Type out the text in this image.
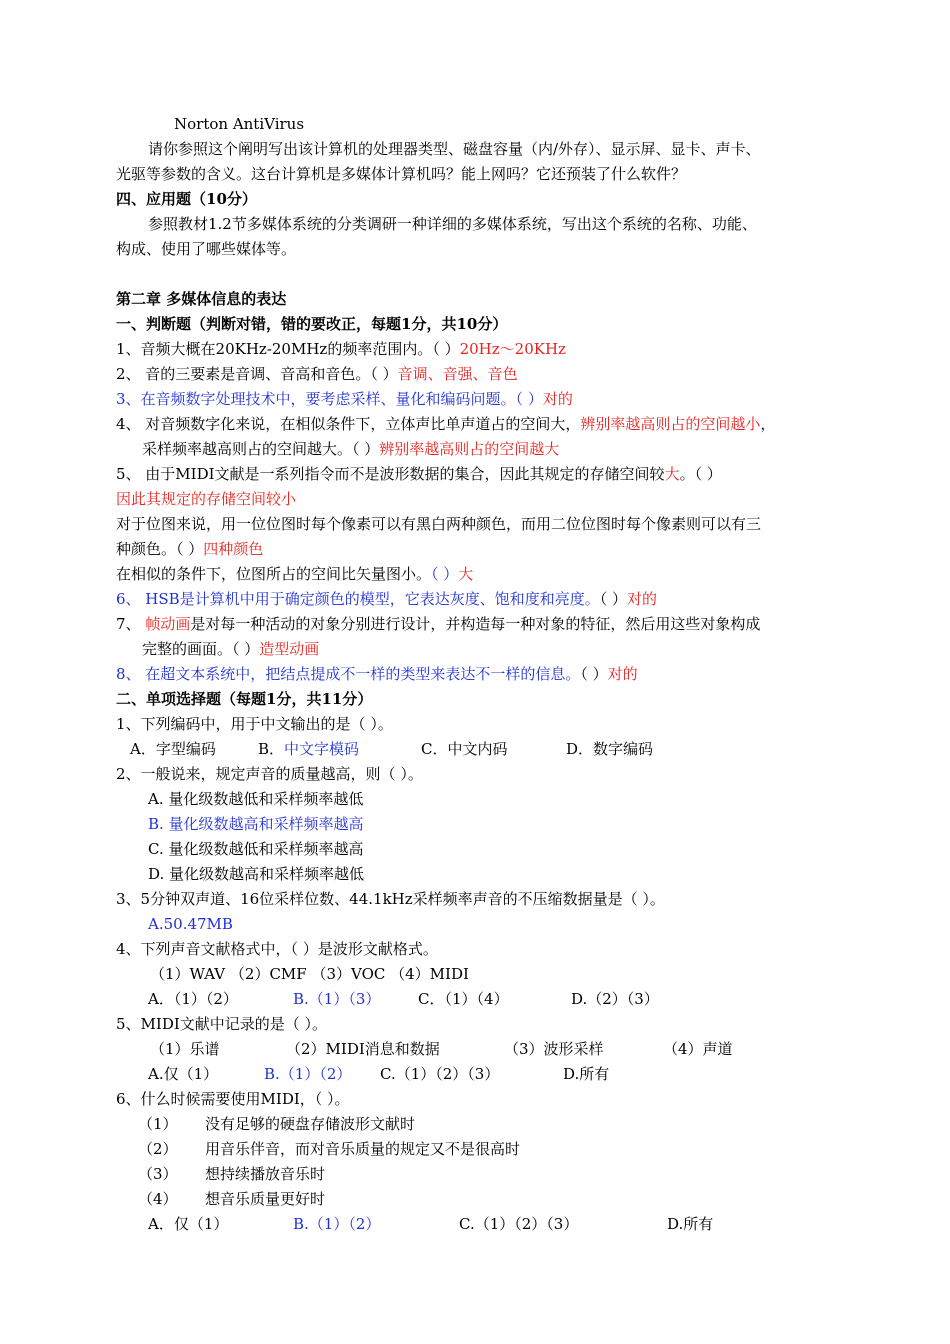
Norton AntiVirus
请你参照这个阐明写出该计算机的处理器类型、磁盘容量（内/外存）、显示屏、显卡、声卡、
光驱等参数的含义。这台计算机是多媒体计算机吗？能上网吗？它还预装了什么软件？
四、应用题（10分）
参照教材1.2节多媒体系统的分类调研一种详细的多媒体系统，写出这个系统的名称、功能、
构成、使用了哪些媒体等。
第二章 多媒体信息的表达
一、判断题（判断对错，错的要改正，每题1分，共10分）
1、音频大概在20KHz-20MHz的频率范围内。（ ）20Hz～20KHz
2、 音的三要素是音调、音高和音色。（ ）音调、音强、音色
3、在音频数字处理技术中，要考虑采样、量化和编码问题。（ ）对的
4、 对音频数字化来说，在相似条件下，立体声比单声道占的空间大，辨别率越高则占的空间越小，
采样频率越高则占的空间越大。（ ）辨别率越高则占的空间越大
5、 由于MIDI文献是一系列指令而不是波形数据的集合，因此其规定的存储空间较大。（ ）
因此其规定的存储空间较小
对于位图来说，用一位位图时每个像素可以有黑白两种颜色，而用二位位图时每个像素则可以有三
种颜色。（ ）四种颜色
在相似的条件下，位图所占的空间比矢量图小。（ ）大
6、 HSB是计算机中用于确定颜色的模型，它表达灰度、饱和度和亮度。（ ）对的
7、 帧动画是对每一种活动的对象分别进行设计，并构造每一种对象的特征，然后用这些对象构成
完整的画面。（ ）造型动画
8、 在超文本系统中，把结点提成不一样的类型来表达不一样的信息。（ ）对的
二、单项选择题（每题1分，共11分）
1、下列编码中，用于中文输出的是（ ）。
A．字型编码	B．中文字模码	C．中文内码	D．数字编码
2、一般说来，规定声音的质量越高，则（ ）。
A. 量化级数越低和采样频率越低
B. 量化级数越高和采样频率越高
C. 量化级数越低和采样频率越高
D. 量化级数越高和采样频率越低
3、5分钟双声道、16位采样位数、44.1kHz采样频率声音的不压缩数据量是（ ）。
A.50.47MB
4、下列声音文献格式中，（ ）是波形文献格式。
（1）WAV （2）CMF （3）VOC （4）MIDI
A．（1）（2）	B.（1）（3）	C．（1）（4）	D.（2）（3）
5、MIDI文献中记录的是（ ）。
（1）乐谱	（2）MIDI消息和数据	（3）波形采样	（4）声道
A.仅（1）	B.（1）（2） C.（1）（2）（3）	D.所有
6、什么时候需要使用MIDI，（ ）。
（1） 没有足够的硬盘存储波形文献时
（2） 用音乐伴音，而对音乐质量的规定又不是很高时
（3） 想持续播放音乐时
（4） 想音乐质量更好时
A．仅（1）	B.（1）（2）	C.（1）（2）（3）	D.所有
